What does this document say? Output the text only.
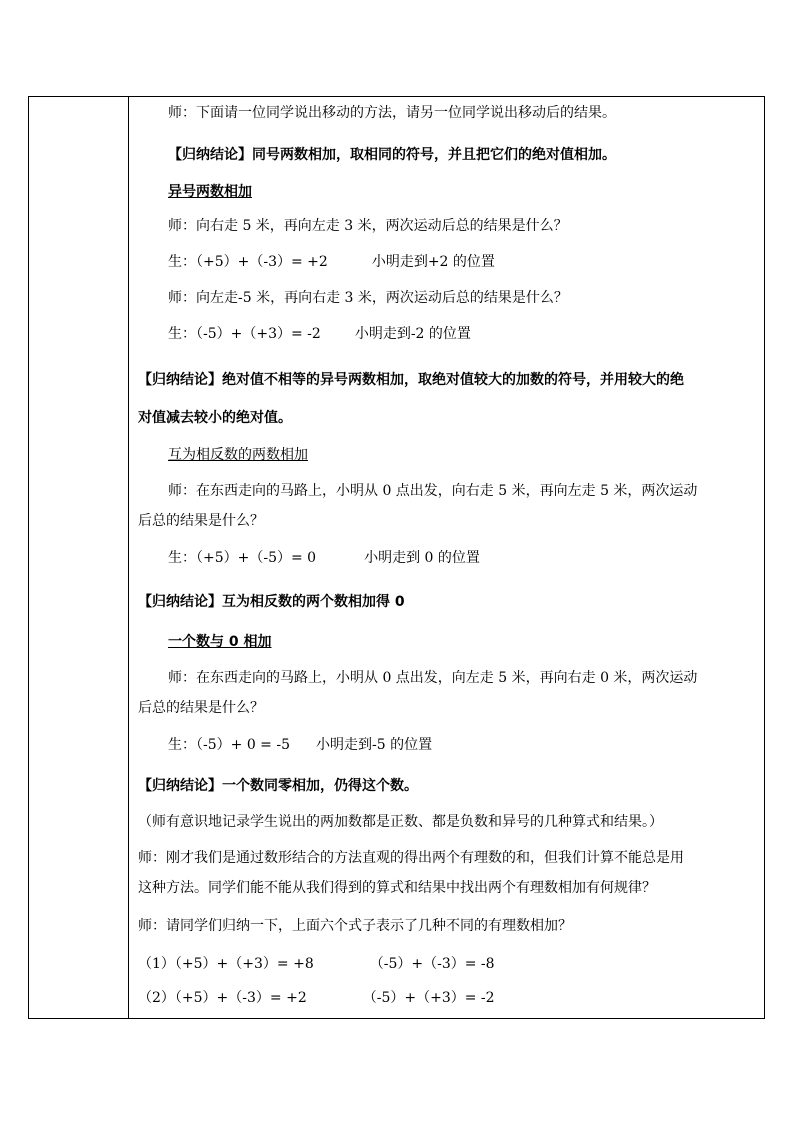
师：下面请一位同学说出移动的方法，请另一位同学说出移动后的结果。
【归纳结论】同号两数相加，取相同的符号，并且把它们的绝对值相加。
异号两数相加
师：向右走 5 米，再向左走 3 米，两次运动后总的结果是什么？
生：（+5）+（-3）= +2	小明走到+2 的位置
师：向左走-5 米，再向右走 3 米，两次运动后总的结果是什么？
生：（-5）+（+3）= -2 小明走到-2 的位置
【归纳结论】绝对值不相等的异号两数相加，取绝对值较大的加数的符号，并用较大的绝
对值减去较小的绝对值。
互为相反数的两数相加
师：在东西走向的马路上，小明从 0 点出发，向右走 5 米，再向左走 5 米，两次运动
后总的结果是什么？
生：（+5）+（-5）= 0	小明走到 0 的位置
【归纳结论】互为相反数的两个数相加得 0
一个数与 0 相加
师：在东西走向的马路上，小明从 0 点出发，向左走 5 米，再向右走 0 米，两次运动
后总的结果是什么？
生：（-5）+ 0 = -5 小明走到-5 的位置
【归纳结论】一个数同零相加，仍得这个数。
（师有意识地记录学生说出的两加数都是正数、都是负数和异号的几种算式和结果。）
师：刚才我们是通过数形结合的方法直观的得出两个有理数的和，但我们计算不能总是用
这种方法。同学们能不能从我们得到的算式和结果中找出两个有理数相加有何规律？
师：请同学们归纳一下，上面六个式子表示了几种不同的有理数相加？
（1）（+5）+（+3）= +8	（-5）+（-3）= -8
（2）（+5）+（-3）= +2	（-5）+（+3）= -2
